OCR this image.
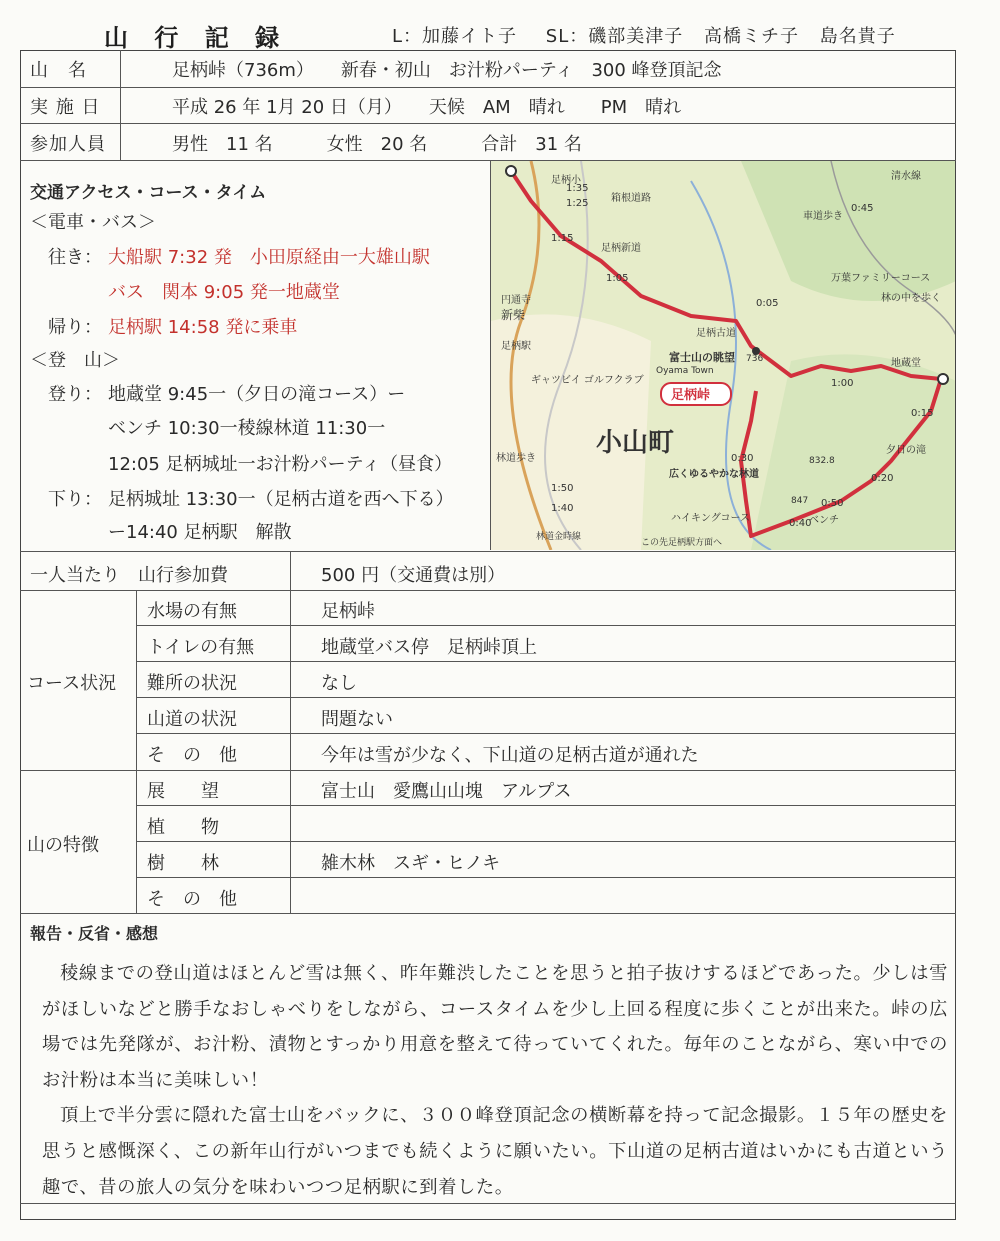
山 行 記 録	L：加藤イト子 SL：磯部美津子 高橋ミチ子 島名貴子
山　名	足柄峠（736m）　　新春・初山　お汁粉パーティ　300 峰登頂記念
実 施 日	平成 26 年 1月 20 日（月）　　天候　AM　晴れ　　PM　晴れ
参加人員	男性　11 名　　　女性　20 名　　　合計　31 名
交通アクセス・コース・タイム
＜電車・バス＞
往き： 大船駅 7:32 発　小田原経由一大雄山駅
バス　関本 9:05 発一地蔵堂
帰り： 足柄駅 14:58 発に乗車
＜登　山＞
登り： 地蔵堂 9:45一（夕日の滝コース）ー
ベンチ 10:30一稜線林道 11:30一
12:05 足柄城址一お汁粉パーティ（昼食）
下り： 足柄城址 13:30一（足柄古道を西へ下る）
ー14:40 足柄駅　解散
足柄峠
小山町
Oyama Town
富士山の眺望
ギャツビイ ゴルフクラブ
円通寺
新柴
足柄駅
地蔵堂
万葉ファミリーコース
夕日の滝
ベンチ
林道金時線
清水線
832.8
847
736
広くゆるやかな林道
ハイキングコース
この先足柄駅方面へ
林道歩き
林の中を歩く
車道歩き
足柄小
箱根道路
足柄新道
足柄古道
1:35
1:25
1:15
1:05
1:50
1:40	0:50
0:45
0:40
0:30
0:20
0:15
1:00
0:05
一人当たり　山行参加費	500 円（交通費は別）
コース状況
水場の有無	足柄峠
トイレの有無	地蔵堂バス停　足柄峠頂上
難所の状況	なし
山道の状況	問題ない
そ　の　他	今年は雪が少なく、下山道の足柄古道が通れた
山の特徴
展　　望	富士山　愛鷹山山塊　アルプス
植　　物
樹　　林	雑木林　スギ・ヒノキ
そ　の　他
報告・反省・感想

稜線までの登山道はほとんど雪は無く、昨年難渋したことを思うと拍子抜けするほどであった。少しは雪がほしいなどと勝手なおしゃべりをしながら、コースタイムを少し上回る程度に歩くことが出来た。峠の広場では先発隊が、お汁粉、漬物とすっかり用意を整えて待っていてくれた。毎年のことながら、寒い中でのお汁粉は本当に美味しい！

頂上で半分雲に隠れた富士山をバックに、３００峰登頂記念の横断幕を持って記念撮影。１５年の歴史を思うと感慨深く、この新年山行がいつまでも続くように願いたい。下山道の足柄古道はいかにも古道という趣で、昔の旅人の気分を味わいつつ足柄駅に到着した。
